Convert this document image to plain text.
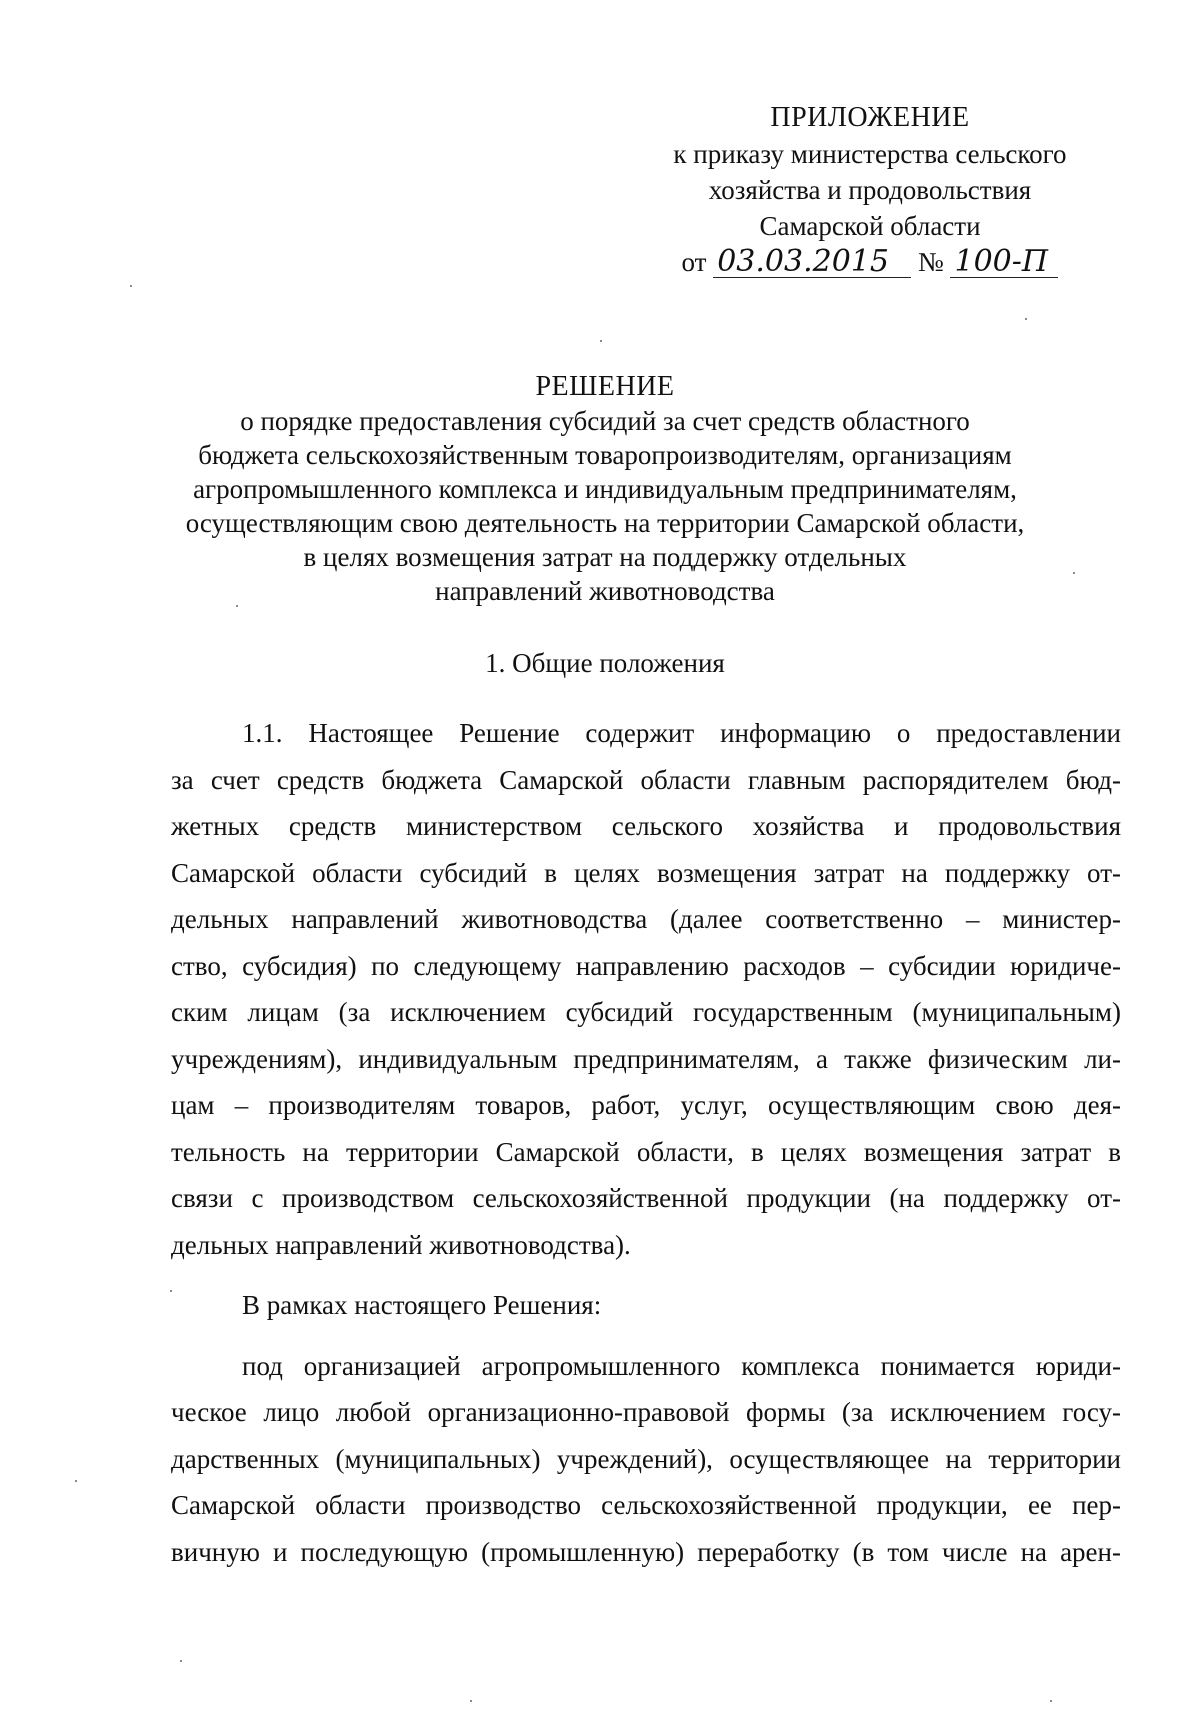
ПРИЛОЖЕНИЕ
к приказу министерства сельского
хозяйства и продовольствия
Самарской области
от 03.03.2015 № 100-П
РЕШЕНИЕ
о порядке предоставления субсидий за счет средств областного
бюджета сельскохозяйственным товаропроизводителям, организациям
агропромышленного комплекса и индивидуальным предпринимателям,
осуществляющим свою деятельность на территории Самарской области,
в целях возмещения затрат на поддержку отдельных
направлений животноводства
1. Общие положения
1.1. Настоящее Решение содержит информацию о предоставлении
за счет средств бюджета Самарской области главным распорядителем бюд-
жетных средств министерством сельского хозяйства и продовольствия
Самарской области субсидий в целях возмещения затрат на поддержку от-
дельных направлений животноводства (далее соответственно – министер-
ство, субсидия) по следующему направлению расходов – субсидии юридиче-
ским лицам (за исключением субсидий государственным (муниципальным)
учреждениям), индивидуальным предпринимателям, а также физическим ли-
цам – производителям товаров, работ, услуг, осуществляющим свою дея-
тельность на территории Самарской области, в целях возмещения затрат в
связи с производством сельскохозяйственной продукции (на поддержку от-
дельных направлений животноводства).
В рамках настоящего Решения:
под организацией агропромышленного комплекса понимается юриди-
ческое лицо любой организационно-правовой формы (за исключением госу-
дарственных (муниципальных) учреждений), осуществляющее на территории
Самарской области производство сельскохозяйственной продукции, ее пер-
вичную и последующую (промышленную) переработку (в том числе на арен-
